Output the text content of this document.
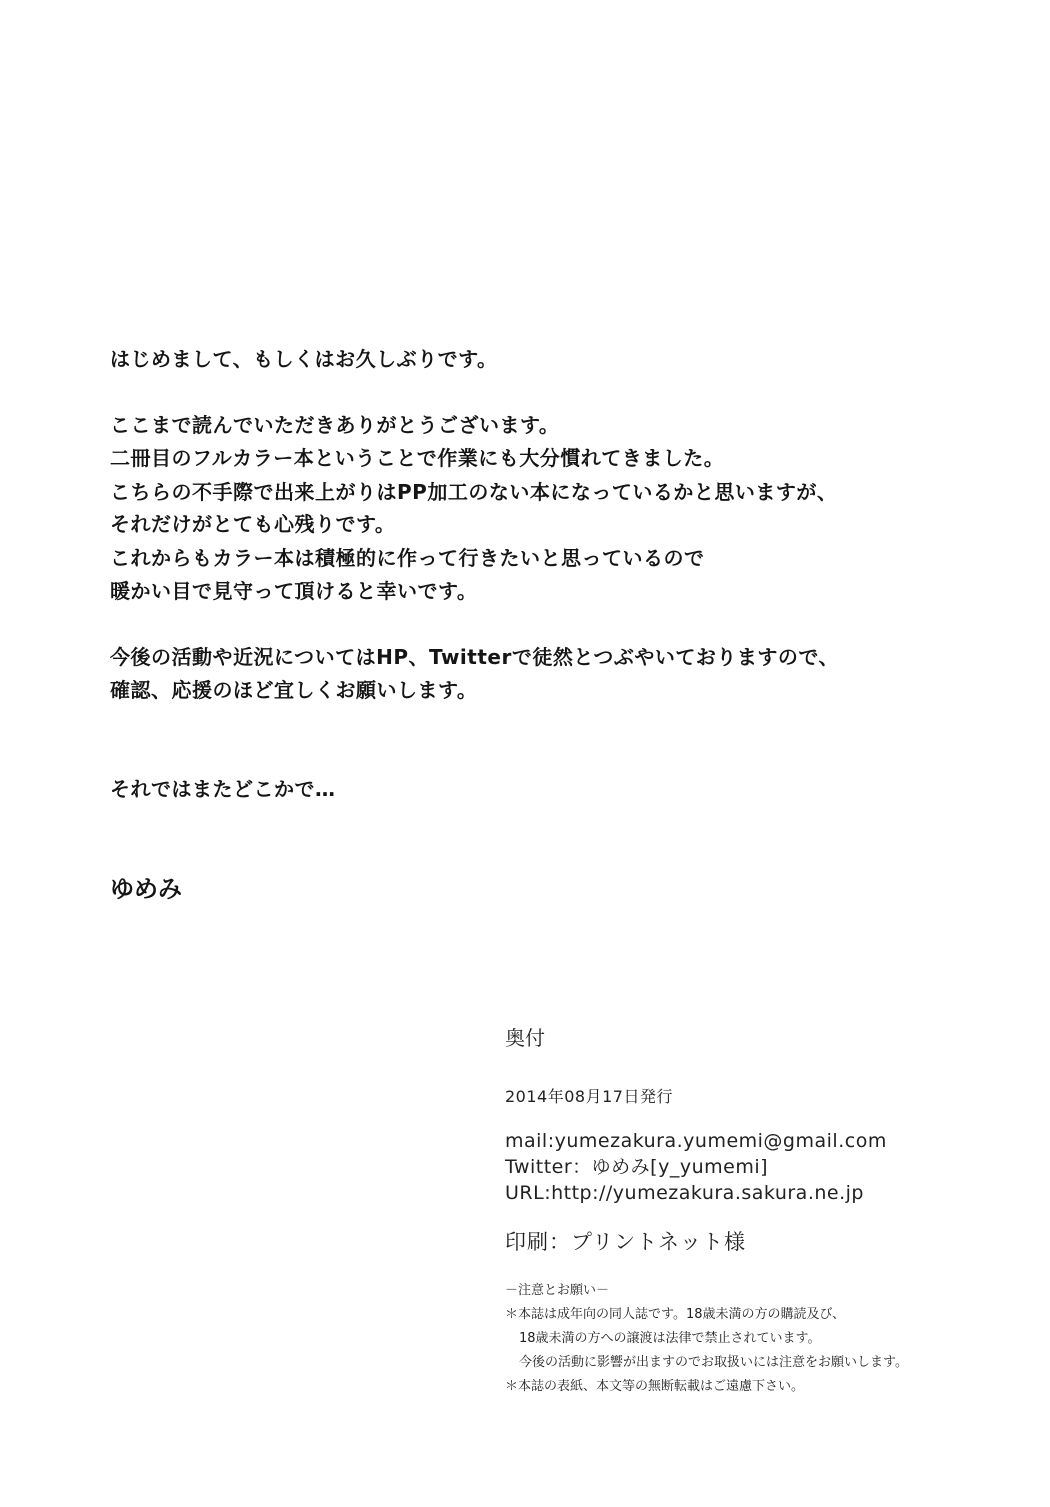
はじめまして、もしくはお久しぶりです。
ここまで読んでいただきありがとうございます。
二冊目のフルカラー本ということで作業にも大分慣れてきました。
こちらの不手際で出来上がりはPP加工のない本になっているかと思いますが、
それだけがとても心残りです。
これからもカラー本は積極的に作って行きたいと思っているので
暖かい目で見守って頂けると幸いです。
今後の活動や近況についてはHP、Twitterで徒然とつぶやいておりますので、
確認、応援のほど宜しくお願いします。
それではまたどこかで…
ゆめみ
奥付
2014年08月17日発行
mail:yumezakura.yumemi@gmail.com
Twitter：ゆめみ[y_yumemi]
URL:http://yumezakura.sakura.ne.jp
印刷：プリントネット様
－注意とお願い－
＊本誌は成年向の同人誌です。18歳未満の方の購読及び、
18歳未満の方への譲渡は法律で禁止されています。
今後の活動に影響が出ますのでお取扱いには注意をお願いします。
＊本誌の表紙、本文等の無断転載はご遠慮下さい。
